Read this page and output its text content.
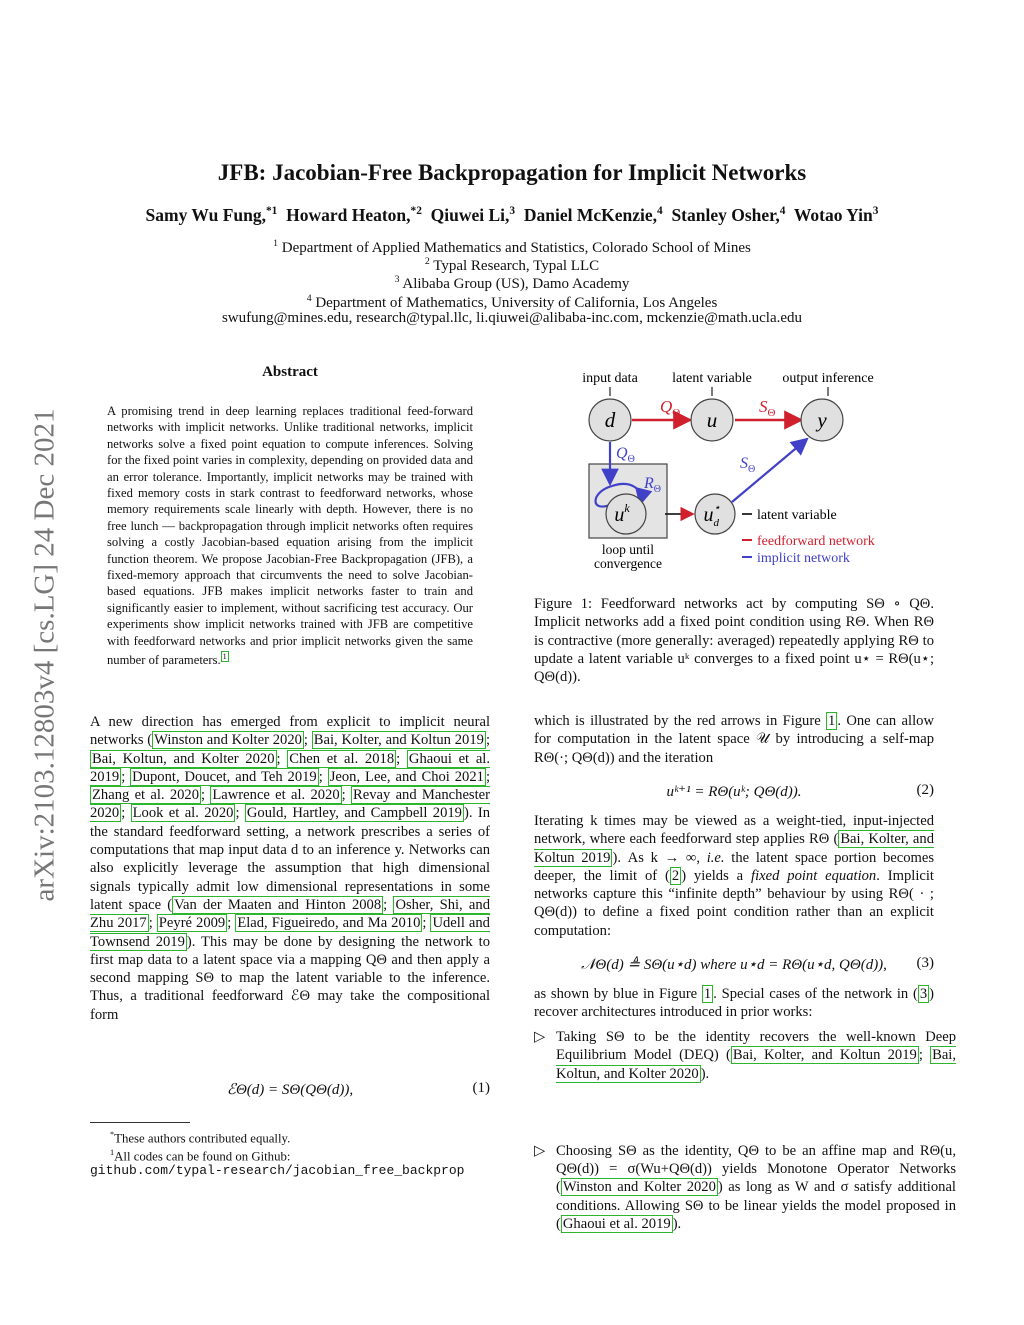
arXiv:2103.12803v4 [cs.LG] 24 Dec 2021
JFB: Jacobian-Free Backpropagation for Implicit Networks
Samy Wu Fung,$^{*1}$ Howard Heaton,$^{*2}$ Qiuwei Li,$^3$ Daniel McKenzie,$^4$ Stanley Osher,$^4$ Wotao Yin$^3$
$^1$ Department of Applied Mathematics and Statistics, Colorado School of Mines
$^2$ Typal Research, Typal LLC
$^3$ Alibaba Group (US), Damo Academy
$^4$ Department of Mathematics, University of California, Los Angeles
swufung@mines.edu, research@typal.llc, li.qiuwei@alibaba-inc.com, mckenzie@math.ucla.edu
Abstract
A promising trend in deep learning replaces traditional feed-forward networks with implicit networks. Unlike traditional networks, implicit networks solve a fixed point equation to compute inferences. Solving for the fixed point varies in complexity, depending on provided data and an error tolerance. Importantly, implicit networks may be trained with fixed memory costs in stark contrast to feedforward networks, whose memory requirements scale linearly with depth. However, there is no free lunch — backpropagation through implicit networks often requires solving a costly Jacobian-based equation arising from the implicit function theorem. We propose Jacobian-Free Backpropagation (JFB), a fixed-memory approach that circumvents the need to solve Jacobian-based equations. JFB makes implicit networks faster to train and significantly easier to implement, without sacrificing test accuracy. Our experiments show implicit networks trained with JFB are competitive with feedforward networks and prior implicit networks given the same number of parameters. $^1$
A new direction has emerged from explicit to implicit neural networks ( Winston and Kolter 2020 ; Bai, Kolter, and Koltun 2019 ; Bai, Koltun, and Kolter 2020 ; Chen et al. 2018 ; Ghaoui et al. 2019 ; Dupont, Doucet, and Teh 2019 ; Jeon, Lee, and Choi 2021 ; Zhang et al. 2020 ; Lawrence et al. 2020 ; Revay and Manchester 2020 ; Look et al. 2020 ; Gould, Hartley, and Campbell 2019 ). In the standard feedforward setting, a network prescribes a series of computations that map input data d to an inference y. Networks can also explicitly leverage the assumption that high dimensional signals typically admit low dimensional representations in some latent space ( Van der Maaten and Hinton 2008 ; Osher, Shi, and Zhu 2017 ; Peyré 2009 ; Elad, Figueiredo, and Ma 2010 ; Udell and Townsend 2019 ). This may be done by designing the network to first map data to a latent space via a mapping QΘ and then apply a second mapping SΘ to map the latent variable to the inference. Thus, a traditional feedforward ℰΘ may take the compositional form
ℰΘ(d) = SΘ(QΘ(d)),	(1)
*These authors contributed equally.
$^1$All codes can be found on Github:
github.com/typal-research/jacobian_free_backprop
input data latent variable output inference
$Q_\Theta$	$S_\Theta$
$Q_\Theta$
$R_\Theta$
$S_\Theta$
d	u	y
$u^k$	u⋆ d
loop until
convergence
latent variable
feedforward network
implicit network
Figure 1: Feedforward networks act by computing SΘ ∘ QΘ. Implicit networks add a fixed point condition using RΘ. When RΘ is contractive (more generally: averaged) repeatedly applying RΘ to update a latent variable uᵏ converges to a fixed point u⋆ = RΘ(u⋆; QΘ(d)).
which is illustrated by the red arrows in Figure 1 . One can allow for computation in the latent space 𝒰 by introducing a self-map RΘ(·; QΘ(d)) and the iteration
uᵏ⁺¹ = RΘ(uᵏ; QΘ(d)).	(2)
Iterating k times may be viewed as a weight-tied, input-injected network, where each feedforward step applies RΘ ( Bai, Kolter, and Koltun 2019 ). As k → ∞, i.e. the latent space portion becomes deeper, the limit of ( 2 ) yields a fixed point equation. Implicit networks capture this “infinite depth” behaviour by using RΘ( · ; QΘ(d)) to define a fixed point condition rather than an explicit computation:
𝒩Θ(d) ≜ SΘ(u⋆d) where u⋆d = RΘ(u⋆d, QΘ(d)), (3)
as shown by blue in Figure 1 . Special cases of the network in ( 3 ) recover architectures introduced in prior works:
▷ Taking SΘ to be the identity recovers the well-known Deep Equilibrium Model (DEQ) ( Bai, Kolter, and Koltun 2019 ; Bai, Koltun, and Kolter 2020 ).
▷ Choosing SΘ as the identity, QΘ to be an affine map and RΘ(u, QΘ(d)) = σ(Wu+QΘ(d)) yields Monotone Operator Networks ( Winston and Kolter 2020 ) as long as W and σ satisfy additional conditions. Allowing SΘ to be linear yields the model proposed in ( Ghaoui et al. 2019 ).
